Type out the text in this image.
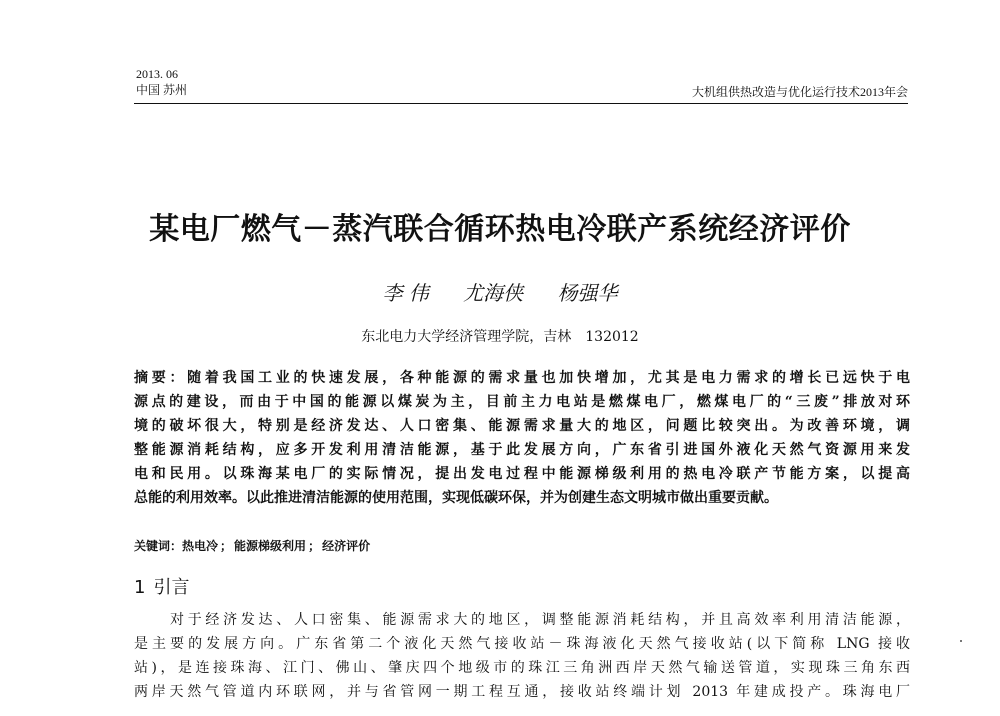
2013. 06
中国 苏州	大机组供热改造与优化运行技术2013年会
某电厂燃气－蒸汽联合循环热电冷联产系统经济评价
李 伟 尤海侠 杨强华
东北电力大学经济管理学院，吉林 132012
摘要：随着我国工业的快速发展，各种能源的需求量也加快增加，尤其是电力需求的增长已远快于电
源点的建设，而由于中国的能源以煤炭为主，目前主力电站是燃煤电厂，燃煤电厂的“三废”排放对环
境的破坏很大，特别是经济发达、人口密集、能源需求量大的地区，问题比较突出。为改善环境，调
整能源消耗结构，应多开发利用清洁能源，基于此发展方向，广东省引进国外液化天然气资源用来发
电和民用。以珠海某电厂的实际情况，提出发电过程中能源梯级利用的热电冷联产节能方案，以提高
总能的利用效率。以此推进清洁能源的使用范围，实现低碳环保，并为创建生态文明城市做出重要贡献。
关键词：热电冷 ； 能源梯级利用 ； 经济评价
1 引言
对于经济发达、人口密集、能源需求大的地区，调整能源消耗结构，并且高效率利用清洁能源，
是主要的发展方向。广东省第二个液化天然气接收站－珠海液化天然气接收站(以下简称 LNG 接收
站)，是连接珠海、江门、佛山、肇庆四个地级市的珠江三角洲西岸天然气输送管道，实现珠三角东西
两岸天然气管道内环联网，并与省管网一期工程互通，接收站终端计划 2013 年建成投产。珠海电厂
